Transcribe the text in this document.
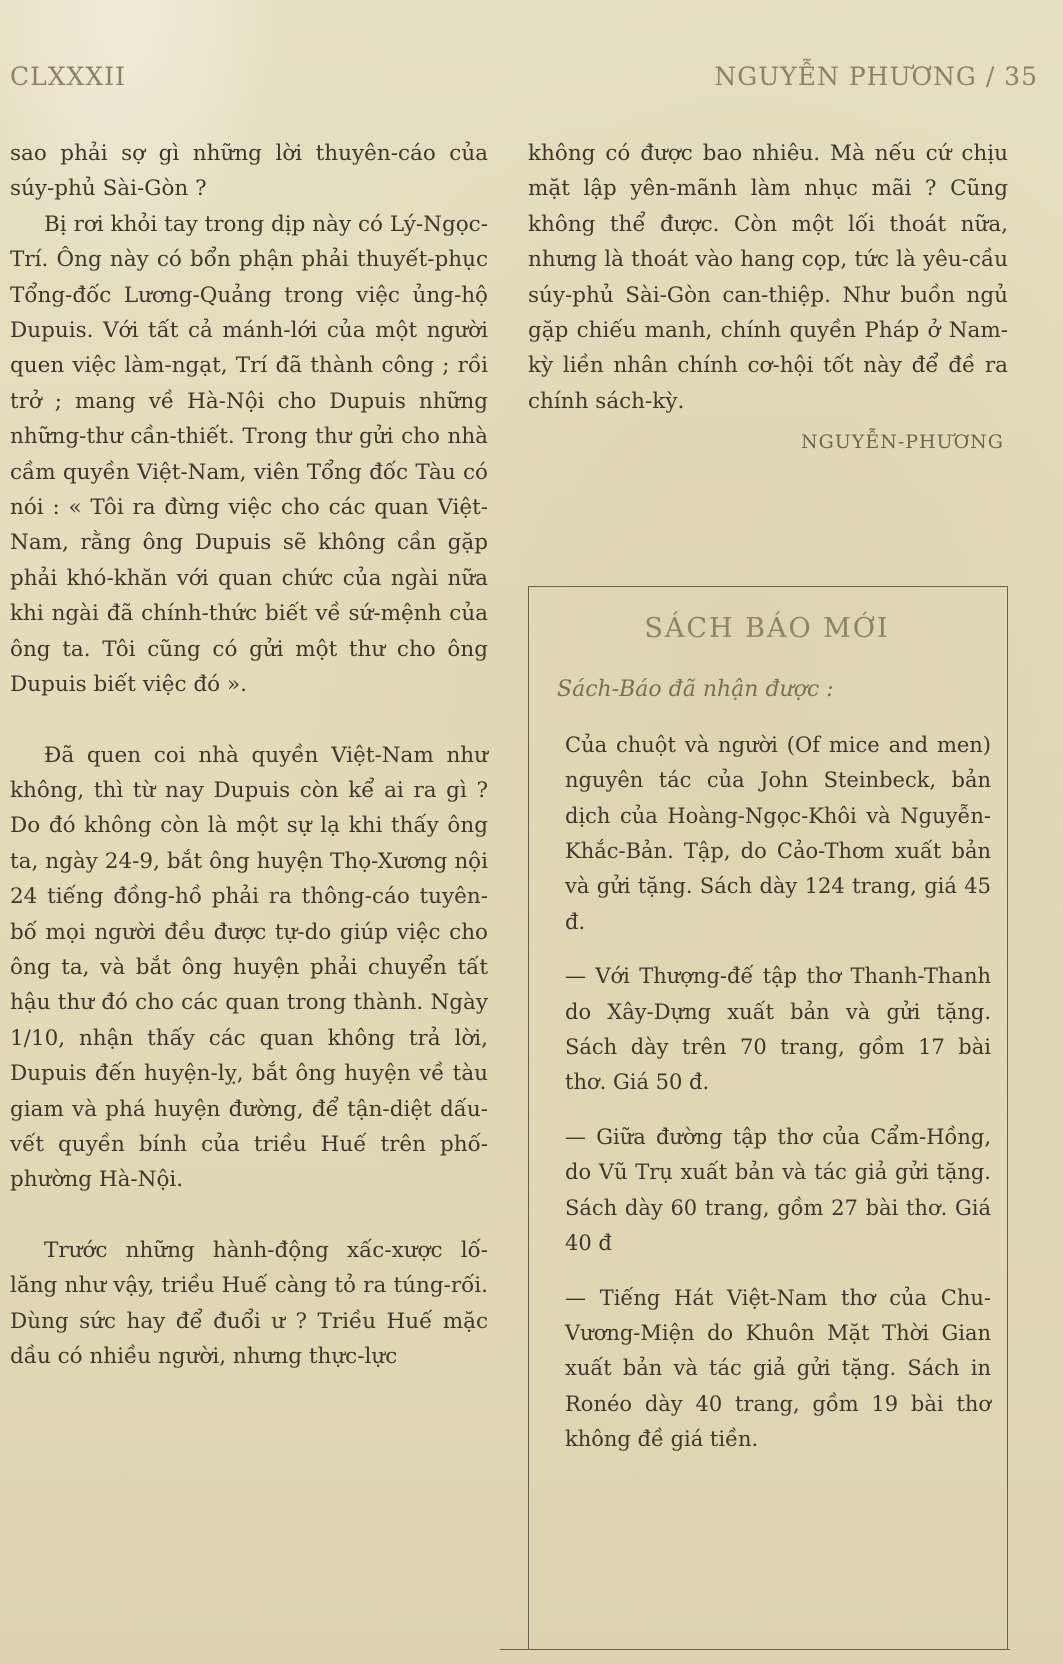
CLXXXII	NGUYỄN PHƯƠNG / 35

sao phải sợ gì những lời thuyên-cáo của súy-phủ Sài-Gòn ?

Bị rơi khỏi tay trong dịp này có Lý-Ngọc-Trí. Ông này có bổn phận phải thuyết-phục Tổng-đốc Lương-Quảng trong việc ủng-hộ Dupuis. Với tất cả mánh-lới của một người quen việc làm-ngạt, Trí đã thành công ; rồi trở ; mang về Hà-Nội cho Dupuis những những-thư cần-thiết. Trong thư gửi cho nhà cầm quyền Việt-Nam, viên Tổng đốc Tàu có nói : « Tôi ra đừng việc cho các quan Việt-Nam, rằng ông Dupuis sẽ không cần gặp phải khó-khăn với quan chức của ngài nữa khi ngài đã chính-thức biết về sứ-mệnh của ông ta. Tôi cũng có gửi một thư cho ông Dupuis biết việc đó ».

Đã quen coi nhà quyền Việt-Nam như không, thì từ nay Dupuis còn kể ai ra gì ? Do đó không còn là một sự lạ khi thấy ông ta, ngày 24-9, bắt ông huyện Thọ-Xương nội 24 tiếng đồng-hồ phải ra thông-cáo tuyên-bố mọi người đều được tự-do giúp việc cho ông ta, và bắt ông huyện phải chuyển tất hậu thư đó cho các quan trong thành. Ngày 1/10, nhận thấy các quan không trả lời, Dupuis đến huyện-lỵ, bắt ông huyện về tàu giam và phá huyện đường, để tận-diệt dấu-vết quyền bính của triều Huế trên phố-phường Hà-Nội.

Trước những hành-động xấc-xược lố-lăng như vậy, triều Huế càng tỏ ra túng-rối. Dùng sức hay để đuổi ư ? Triều Huế mặc dầu có nhiều người, nhưng thực-lực

không có được bao nhiêu. Mà nếu cứ chịu mặt lập yên-mãnh làm nhục mãi ? Cũng không thể được. Còn một lối thoát nữa, nhưng là thoát vào hang cọp, tức là yêu-cầu súy-phủ Sài-Gòn can-thiệp. Như buồn ngủ gặp chiếu manh, chính quyền Pháp ở Nam-kỳ liền nhân chính cơ-hội tốt này để đề ra chính sách-kỳ.

NGUYỄN-PHƯƠNG
SÁCH BÁO MỚI
Sách-Báo đã nhận được :

Của chuột và người (Of mice and men) nguyên tác của John Steinbeck, bản dịch của Hoàng-Ngọc-Khôi và Nguyễn-Khắc-Bản. Tập, do Cảo-Thơm xuất bản và gửi tặng. Sách dày 124 trang, giá 45 đ.

— Với Thượng-đế tập thơ Thanh-Thanh do Xây-Dựng xuất bản và gửi tặng. Sách dày trên 70 trang, gồm 17 bài thơ. Giá 50 đ.

— Giữa đường tập thơ của Cẩm-Hồng, do Vũ Trụ xuất bản và tác giả gửi tặng. Sách dày 60 trang, gồm 27 bài thơ. Giá 40 đ

— Tiếng Hát Việt-Nam thơ của Chu-Vương-Miện do Khuôn Mặt Thời Gian xuất bản và tác giả gửi tặng. Sách in Ronéo dày 40 trang, gồm 19 bài thơ không đề giá tiền.
